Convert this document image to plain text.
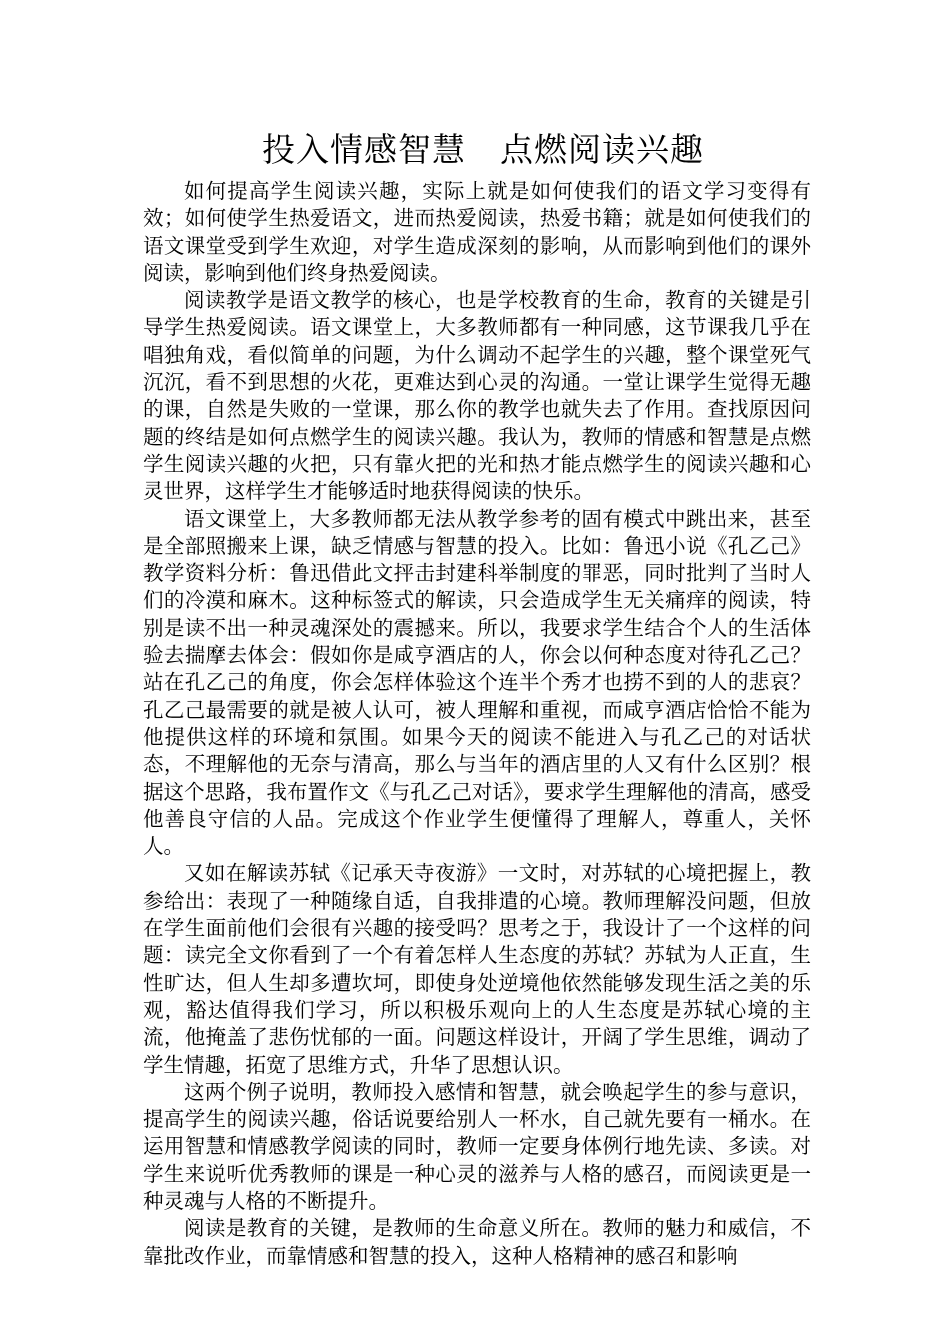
投入情感智慧　点燃阅读兴趣

如何提高学生阅读兴趣，实际上就是如何使我们的语文学习变得有效；如何使学生热爱语文，进而热爱阅读，热爱书籍；就是如何使我们的语文课堂受到学生欢迎，对学生造成深刻的影响，从而影响到他们的课外阅读，影响到他们终身热爱阅读。

阅读教学是语文教学的核心，也是学校教育的生命，教育的关键是引导学生热爱阅读。语文课堂上，大多教师都有一种同感，这节课我几乎在唱独角戏，看似简单的问题，为什么调动不起学生的兴趣，整个课堂死气沉沉，看不到思想的火花，更难达到心灵的沟通。一堂让课学生觉得无趣的课，自然是失败的一堂课，那么你的教学也就失去了作用。查找原因问题的终结是如何点燃学生的阅读兴趣。我认为，教师的情感和智慧是点燃学生阅读兴趣的火把，只有靠火把的光和热才能点燃学生的阅读兴趣和心灵世界，这样学生才能够适时地获得阅读的快乐。

语文课堂上，大多教师都无法从教学参考的固有模式中跳出来，甚至是全部照搬来上课，缺乏情感与智慧的投入。比如：鲁迅小说《孔乙己》教学资料分析：鲁迅借此文抨击封建科举制度的罪恶，同时批判了当时人们的冷漠和麻木。这种标签式的解读，只会造成学生无关痛痒的阅读，特别是读不出一种灵魂深处的震撼来。所以，我要求学生结合个人的生活体验去揣摩去体会：假如你是咸亨酒店的人，你会以何种态度对待孔乙己？站在孔乙己的角度，你会怎样体验这个连半个秀才也捞不到的人的悲哀？孔乙己最需要的就是被人认可，被人理解和重视，而咸亨酒店恰恰不能为他提供这样的环境和氛围。如果今天的阅读不能进入与孔乙己的对话状态，不理解他的无奈与清高，那么与当年的酒店里的人又有什么区别？根据这个思路，我布置作文《与孔乙己对话》，要求学生理解他的清高，感受他善良守信的人品。完成这个作业学生便懂得了理解人，尊重人，关怀人。

又如在解读苏轼《记承天寺夜游》一文时，对苏轼的心境把握上，教参给出：表现了一种随缘自适，自我排遣的心境。教师理解没问题，但放在学生面前他们会很有兴趣的接受吗？思考之于，我设计了一个这样的问题：读完全文你看到了一个有着怎样人生态度的苏轼？苏轼为人正直，生性旷达，但人生却多遭坎坷，即使身处逆境他依然能够发现生活之美的乐观，豁达值得我们学习，所以积极乐观向上的人生态度是苏轼心境的主流，他掩盖了悲伤忧郁的一面。问题这样设计，开阔了学生思维，调动了学生情趣，拓宽了思维方式，升华了思想认识。

这两个例子说明，教师投入感情和智慧，就会唤起学生的参与意识，提高学生的阅读兴趣，俗话说要给别人一杯水，自己就先要有一桶水。在运用智慧和情感教学阅读的同时，教师一定要身体例行地先读、多读。对学生来说听优秀教师的课是一种心灵的滋养与人格的感召，而阅读更是一种灵魂与人格的不断提升。

阅读是教育的关键，是教师的生命意义所在。教师的魅力和威信，不靠批改作业，而靠情感和智慧的投入，这种人格精神的感召和影响
